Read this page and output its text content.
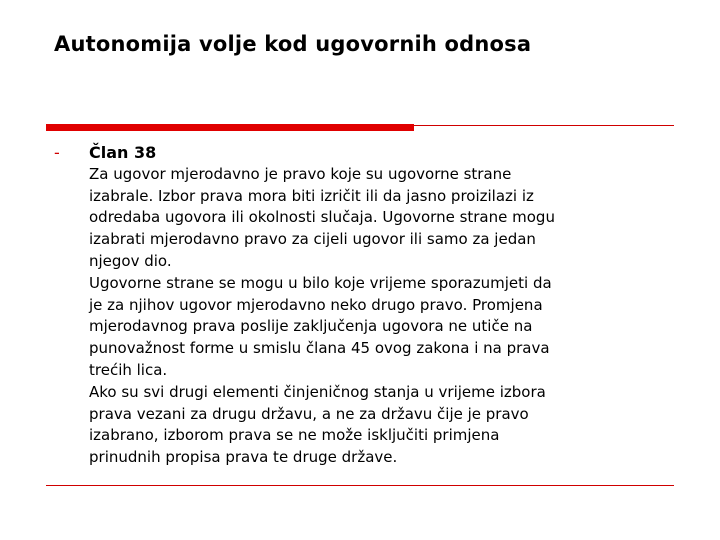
Autonomija volje kod ugovornih odnosa
- Član 38
Za ugovor mjerodavno je pravo koje su ugovorne strane
izabrale. Izbor prava mora biti izričit ili da jasno proizilazi iz
odredaba ugovora ili okolnosti slučaja. Ugovorne strane mogu
izabrati mjerodavno pravo za cijeli ugovor ili samo za jedan
njegov dio.
Ugovorne strane se mogu u bilo koje vrijeme sporazumjeti da
je za njihov ugovor mjerodavno neko drugo pravo. Promjena
mjerodavnog prava poslije zaključenja ugovora ne utiče na
punovažnost forme u smislu člana 45 ovog zakona i na prava
trećih lica.
Ako su svi drugi elementi činjeničnog stanja u vrijeme izbora
prava vezani za drugu državu, a ne za državu čije je pravo
izabrano, izborom prava se ne može isključiti primjena
prinudnih propisa prava te druge države.
